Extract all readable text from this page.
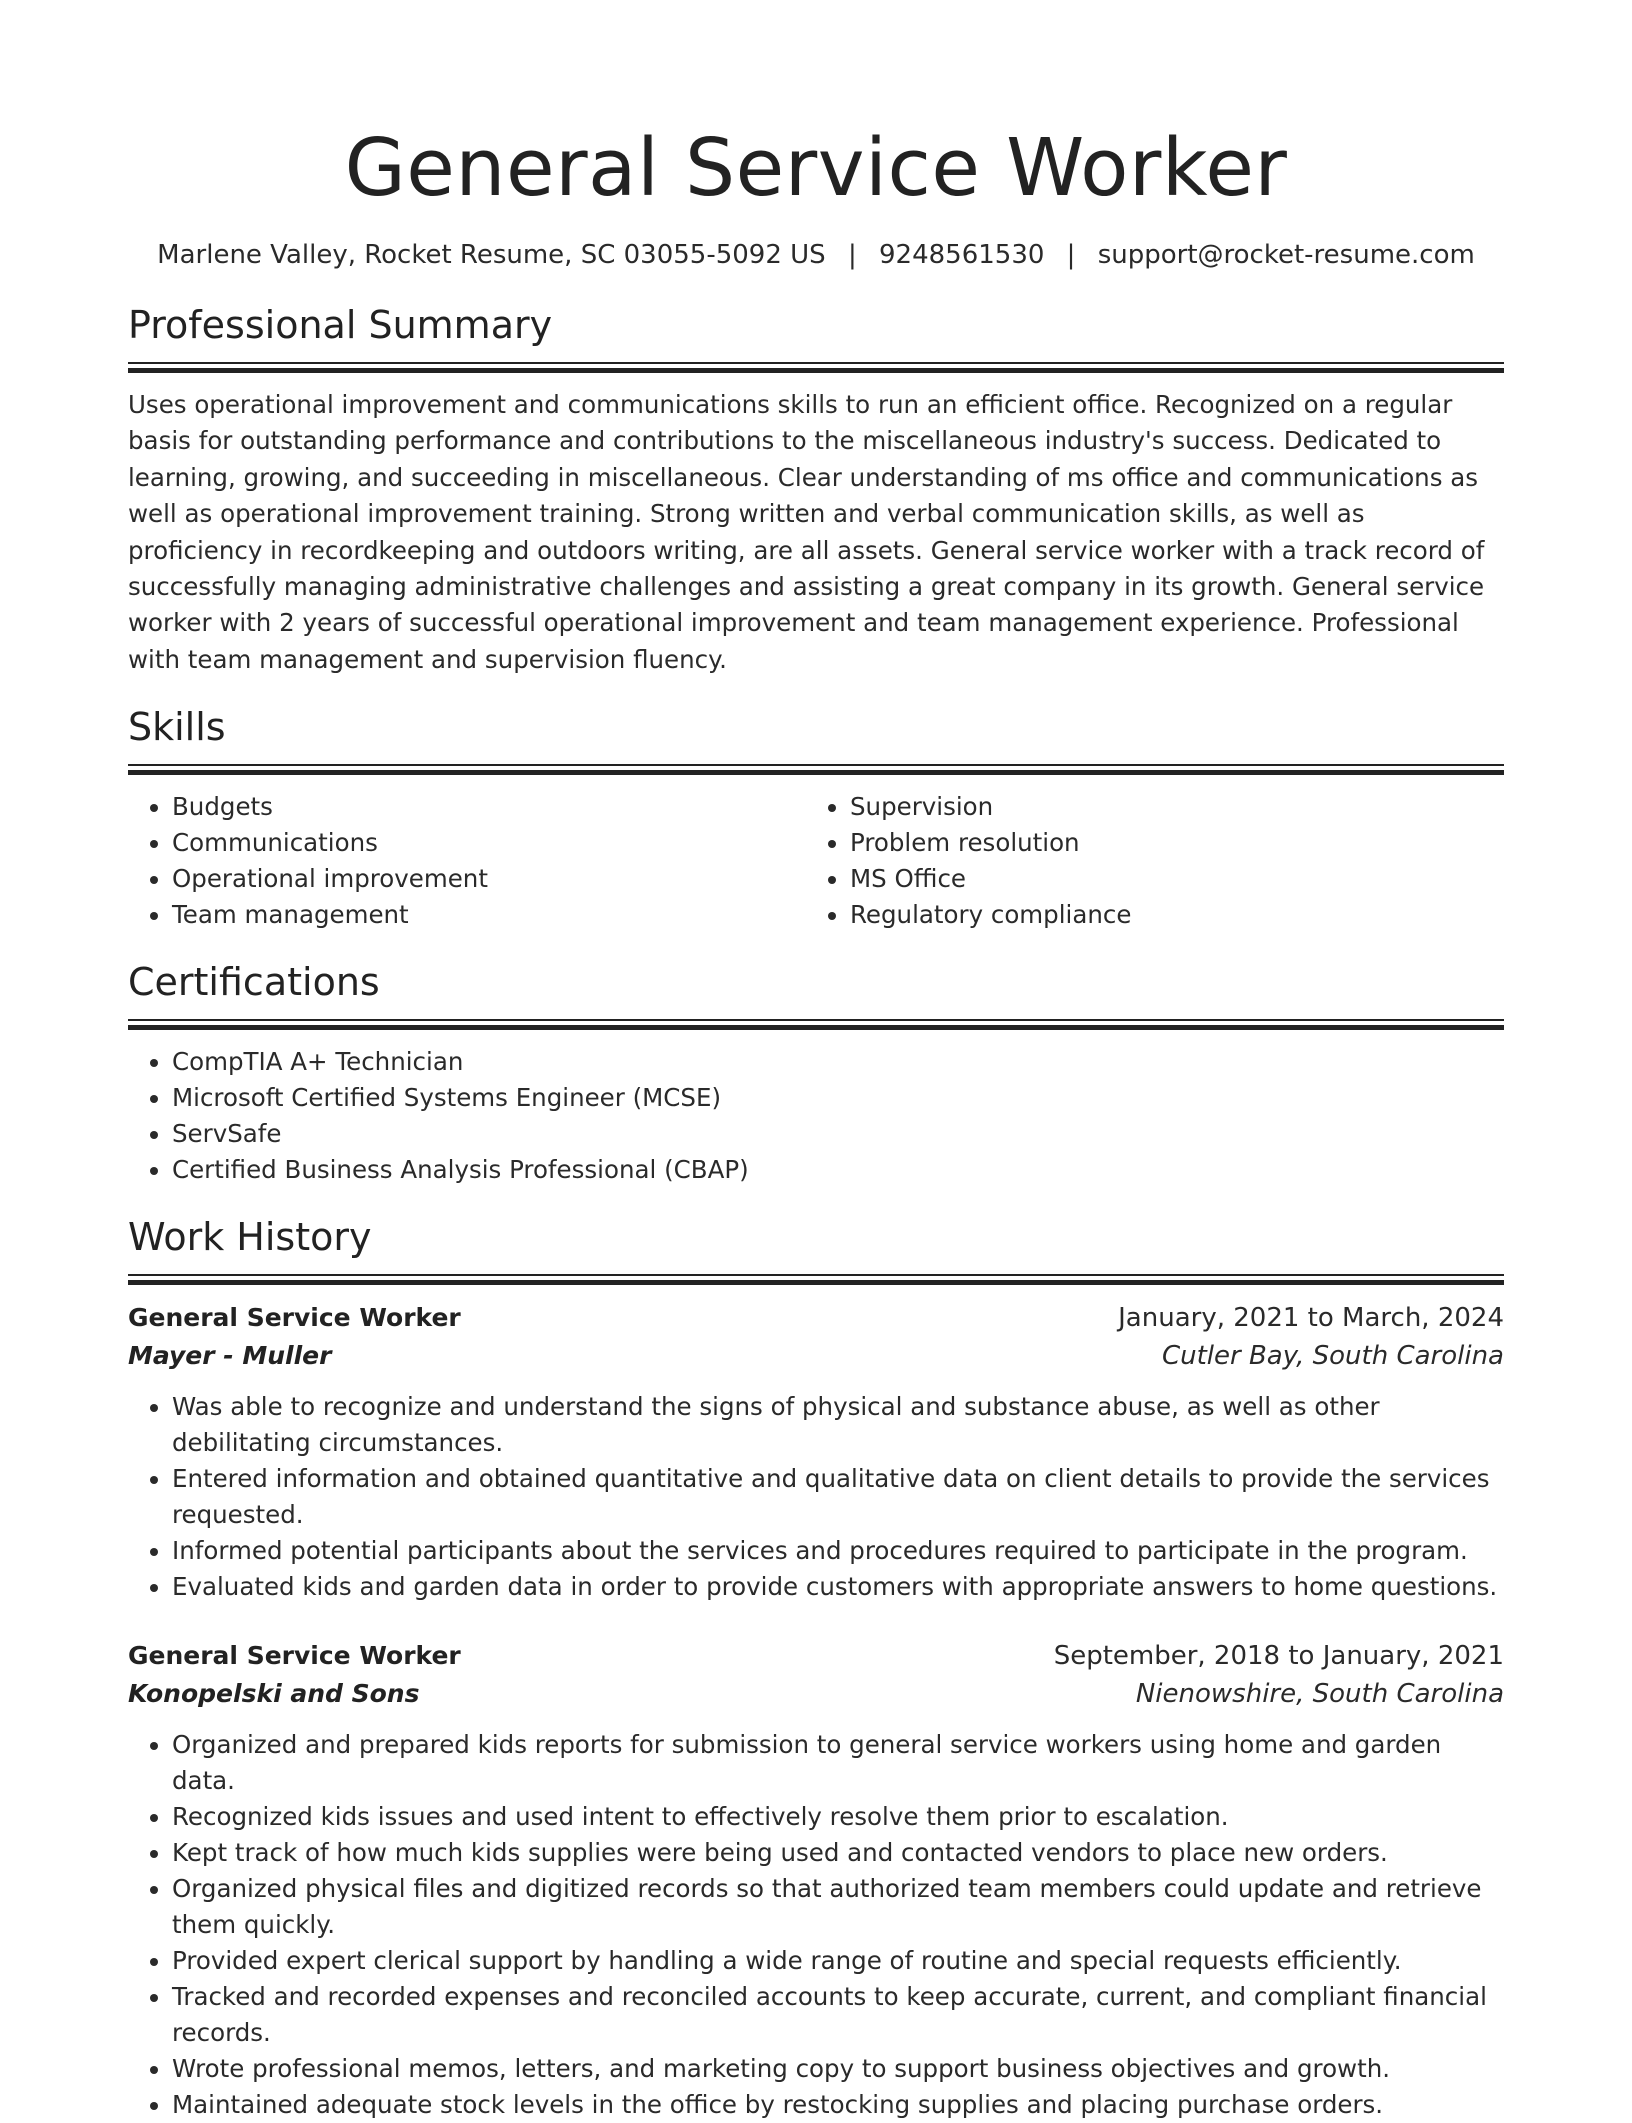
General Service Worker
Marlene Valley, Rocket Resume, SC 03055-5092 US | 9248561530 | support@rocket-resume.com
Professional Summary

Uses operational improvement and communications skills to run an efficient office. Recognized on a regular basis for outstanding performance and contributions to the miscellaneous industry's success. Dedicated to learning, growing, and succeeding in miscellaneous. Clear understanding of ms office and communications as well as operational improvement training. Strong written and verbal communication skills, as well as proficiency in recordkeeping and outdoors writing, are all assets. General service worker with a track record of successfully managing administrative challenges and assisting a great company in its growth. General service worker with 2 years of successful operational improvement and team management experience. Professional with team management and supervision fluency.

Skills
• Budgets
• Communications
• Operational improvement
• Team management
• Supervision
• Problem resolution
• MS Office
• Regulatory compliance
Certifications
• CompTIA A+ Technician
• Microsoft Certified Systems Engineer (MCSE)
• ServSafe
• Certified Business Analysis Professional (CBAP)
Work History
General Service Worker	January, 2021 to March, 2024
Mayer - Muller	Cutler Bay, South Carolina
• Was able to recognize and understand the signs of physical and substance abuse, as well as other debilitating circumstances.
• Entered information and obtained quantitative and qualitative data on client details to provide the services requested.
• Informed potential participants about the services and procedures required to participate in the program.
• Evaluated kids and garden data in order to provide customers with appropriate answers to home questions.
General Service Worker	September, 2018 to January, 2021
Konopelski and Sons	Nienowshire, South Carolina
• Organized and prepared kids reports for submission to general service workers using home and garden data.
• Recognized kids issues and used intent to effectively resolve them prior to escalation.
• Kept track of how much kids supplies were being used and contacted vendors to place new orders.
• Organized physical files and digitized records so that authorized team members could update and retrieve them quickly.
• Provided expert clerical support by handling a wide range of routine and special requests efficiently.
• Tracked and recorded expenses and reconciled accounts to keep accurate, current, and compliant financial records.
• Wrote professional memos, letters, and marketing copy to support business objectives and growth.
• Maintained adequate stock levels in the office by restocking supplies and placing purchase orders.
